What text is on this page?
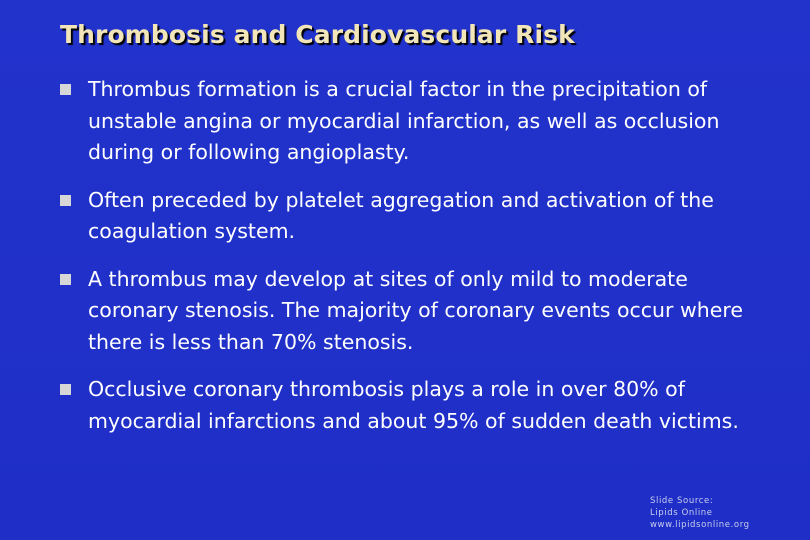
Thrombosis and Cardiovascular Risk
Thrombus formation is a crucial factor in the precipitation of unstable angina or myocardial infarction, as well as occlusion during or following angioplasty.
Often preceded by platelet aggregation and activation of the coagulation system.
A thrombus may develop at sites of only mild to moderate coronary stenosis. The majority of coronary events occur where there is less than 70% stenosis.
Occlusive coronary thrombosis plays a role in over 80% of myocardial infarctions and about 95% of sudden death victims.
Slide Source:
Lipids Online
www.lipidsonline.org
